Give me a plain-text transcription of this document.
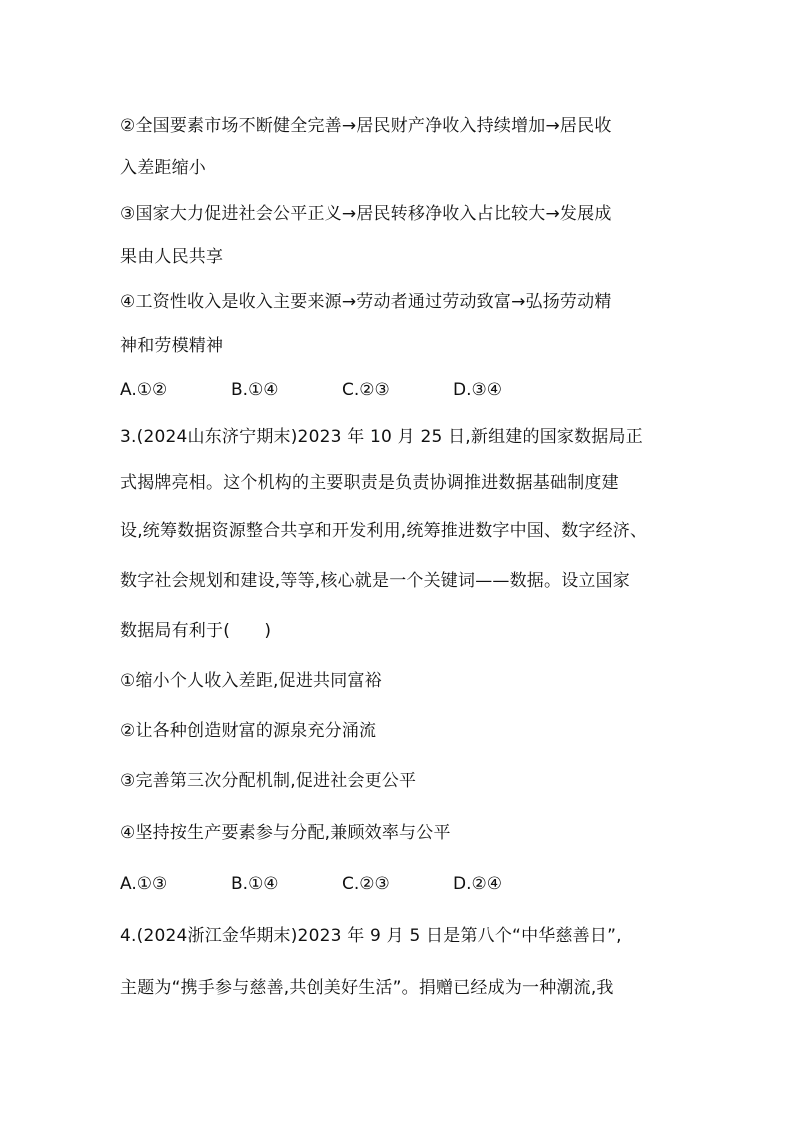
②全国要素市场不断健全完善→居民财产净收入持续增加→居民收
入差距缩小
③国家大力促进社会公平正义→居民转移净收入占比较大→发展成
果由人民共享
④工资性收入是收入主要来源→劳动者通过劳动致富→弘扬劳动精
神和劳模精神
A.①②	B.①④	C.②③	D.③④
3.(2024山东济宁期末)2023 年 10 月 25 日,新组建的国家数据局正
式揭牌亮相。这个机构的主要职责是负责协调推进数据基础制度建
设,统筹数据资源整合共享和开发利用,统筹推进数字中国、数字经济、
数字社会规划和建设,等等,核心就是一个关键词——数据。设立国家
数据局有利于(　　)
①缩小个人收入差距,促进共同富裕
②让各种创造财富的源泉充分涌流
③完善第三次分配机制,促进社会更公平
④坚持按生产要素参与分配,兼顾效率与公平
A.①③	B.①④	C.②③	D.②④
4.(2024浙江金华期末)2023 年 9 月 5 日是第八个“中华慈善日”,
主题为“携手参与慈善,共创美好生活”。捐赠已经成为一种潮流,我
